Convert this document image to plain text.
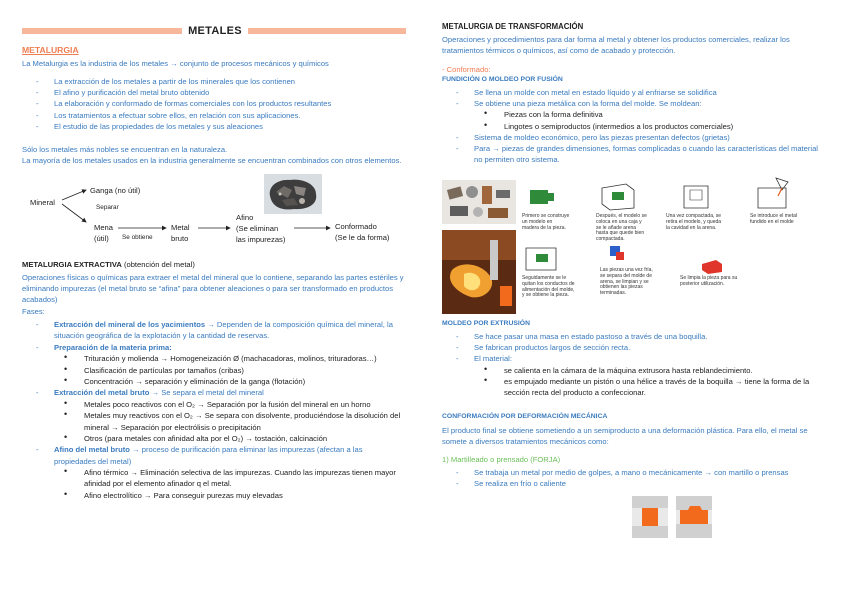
METALES
METALURGIA
La Metalurgia es la industria de los metales → conjunto de procesos mecánicos y químicos
- La extracción de los metales a partir de los minerales que los contienen
- El afino y purificación del metal bruto obtenido
- La elaboración y conformado de formas comerciales con los productos resultantes
- Los tratamientos a efectuar sobre ellos, en relación con sus aplicaciones.
- El estudio de las propiedades de los metales y sus aleaciones
Sólo los metales más nobles se encuentran en la naturaleza.
La mayoría de los metales usados en la industria generalmente se encuentran combinados con otros elementos.
Mineral
Ganga (no útil)
Separar
Mena
(útil) Se obtiene
Metal
bruto
Afino
(Se eliminan
las impurezas)
Conformado
(Se le da forma)
METALURGIA EXTRACTIVA (obtención del metal)
Operaciones físicas o químicas para extraer el metal del mineral que lo contiene, separando las partes estériles y eliminando impurezas (el metal bruto se “afina” para obtener aleaciones o para ser transformado en productos acabados)
Fases:
- Extracción del mineral de los yacimientos → Dependen de la composición química del mineral, la situación geográfica de la explotación y la cantidad de reservas.
- Preparación de la materia prima:
• Trituración y molienda → Homogeneización Ø (machacadoras, molinos, trituradoras…)
• Clasificación de partículas por tamaños (cribas)
• Concentración → separación y eliminación de la ganga (flotación)
- Extracción del metal bruto → Se separa el metal del mineral
• Metales poco reactivos con el O₂ → Separación por la fusión del mineral en un horno
• Metales muy reactivos con el O₂ → Se separa con disolvente, produciéndose la disolución del mineral → Separación por electrólisis o precipitación
• Otros (para metales con afinidad alta por el O₂) → tostación, calcinación
- Afino del metal bruto → proceso de purificación para eliminar las impurezas (afectan a las propiedades del metal)
• Afino térmico → Eliminación selectiva de las impurezas. Cuando las impurezas tienen mayor afinidad por el elemento afinador q el metal.
• Afino electrolítico → Para conseguir purezas muy elevadas
METALURGIA DE TRANSFORMACIÓN
Operaciones y procedimientos para dar forma al metal y obtener los productos comerciales, realizar los tratamientos térmicos o químicos, así como de acabado y protección.
- Conformado:
FUNDICIÓN O MOLDEO POR FUSIÓN
- Se llena un molde con metal en estado líquido y al enfriarse se solidifica
- Se obtiene una pieza metálica con la forma del molde. Se moldean:
• Piezas con la forma definitiva
• Lingotes o semiproductos (intermedios a los productos comerciales)
- Sistema de moldeo económico, pero las piezas presentan defectos (grietas)
- Para → piezas de grandes dimensiones, formas complicadas o cuando las características del material no permiten otro sistema.
Primero se construye un modelo en madera de la pieza.
Después, el modelo se coloca en una caja y se le añade arena hasta que quede bien compactada.
Una vez compactada, se retira el modelo, y queda la cavidad en la arena.
Se introduce el metal fundido en el molde
Seguidamente se le quitan los conductos de alimentación del molde, y se obtiene la pieza.
Las piezas una vez fría, se separa del molde de arena, se limpian y se obtienen las piezas terminadas.
Se limpia la pieza para su posterior utilización.
MOLDEO POR EXTRUSIÓN
- Se hace pasar una masa en estado pastoso a través de una boquilla.
- Se fabrican productos largos de sección recta.
- El material:
• se calienta en la cámara de la máquina extrusora hasta reblandecimiento.
• es empujado mediante un pistón o una hélice a través de la boquilla → tiene la forma de la sección recta del producto a confeccionar.
CONFORMACIÓN POR DEFORMACIÓN MECÁNICA
El producto final se obtiene sometiendo a un semiproducto a una deformación plástica. Para ello, el metal se somete a diversos tratamientos mecánicos como:
1) Martilleado o prensado (FORJA)
- Se trabaja un metal por medio de golpes, a mano o mecánicamente → con martillo o prensas
- Se realiza en frío o caliente
